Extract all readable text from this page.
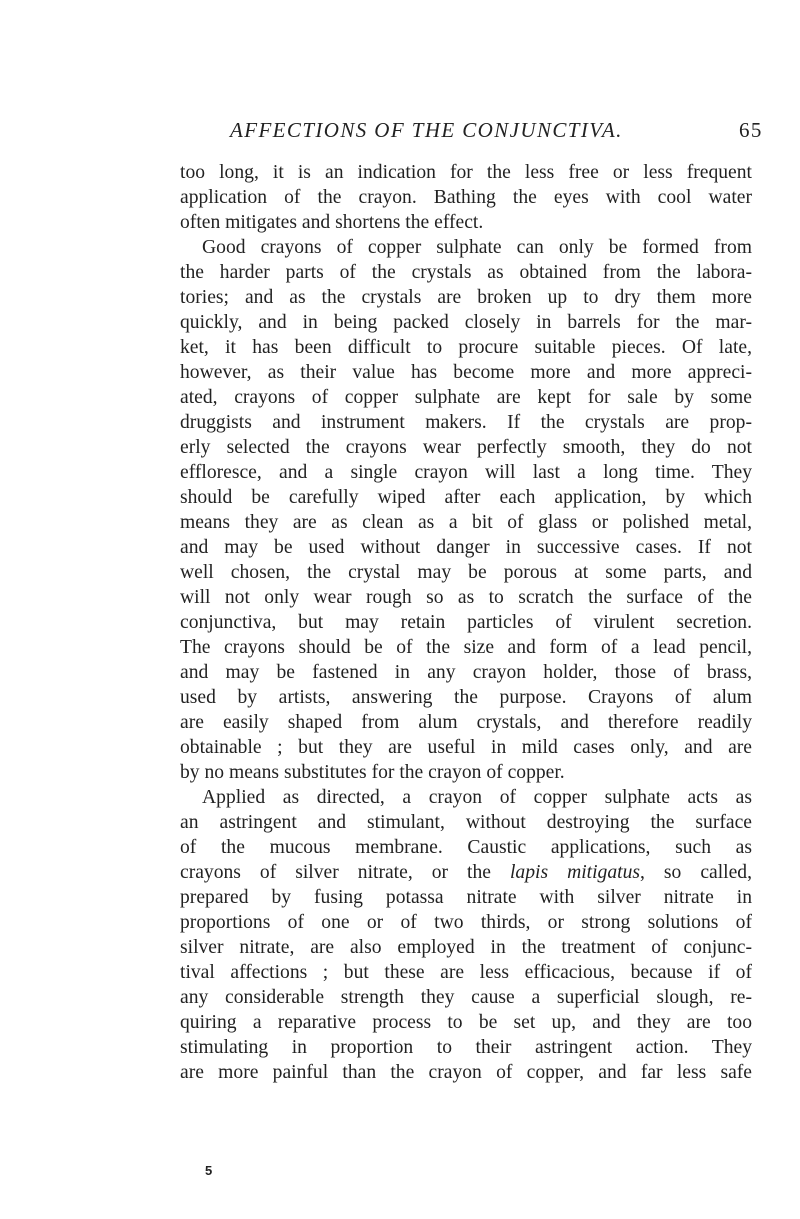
AFFECTIONS OF THE CONJUNCTIVA.	65
too long, it is an indication for the less free or less frequent
application of the crayon. Bathing the eyes with cool water
often mitigates and shortens the effect.
Good crayons of copper sulphate can only be formed from
the harder parts of the crystals as obtained from the labora-
tories; and as the crystals are broken up to dry them more
quickly, and in being packed closely in barrels for the mar-
ket, it has been difficult to procure suitable pieces. Of late,
however, as their value has become more and more appreci-
ated, crayons of copper sulphate are kept for sale by some
druggists and instrument makers. If the crystals are prop-
erly selected the crayons wear perfectly smooth, they do not
effloresce, and a single crayon will last a long time. They
should be carefully wiped after each application, by which
means they are as clean as a bit of glass or polished metal,
and may be used without danger in successive cases. If not
well chosen, the crystal may be porous at some parts, and
will not only wear rough so as to scratch the surface of the
conjunctiva, but may retain particles of virulent secretion.
The crayons should be of the size and form of a lead pencil,
and may be fastened in any crayon holder, those of brass,
used by artists, answering the purpose. Crayons of alum
are easily shaped from alum crystals, and therefore readily
obtainable ; but they are useful in mild cases only, and are
by no means substitutes for the crayon of copper.
Applied as directed, a crayon of copper sulphate acts as
an astringent and stimulant, without destroying the surface
of the mucous membrane. Caustic applications, such as
crayons of silver nitrate, or the lapis mitigatus, so called,
prepared by fusing potassa nitrate with silver nitrate in
proportions of one or of two thirds, or strong solutions of
silver nitrate, are also employed in the treatment of conjunc-
tival affections ; but these are less efficacious, because if of
any considerable strength they cause a superficial slough, re-
quiring a reparative process to be set up, and they are too
stimulating in proportion to their astringent action. They
are more painful than the crayon of copper, and far less safe
5
